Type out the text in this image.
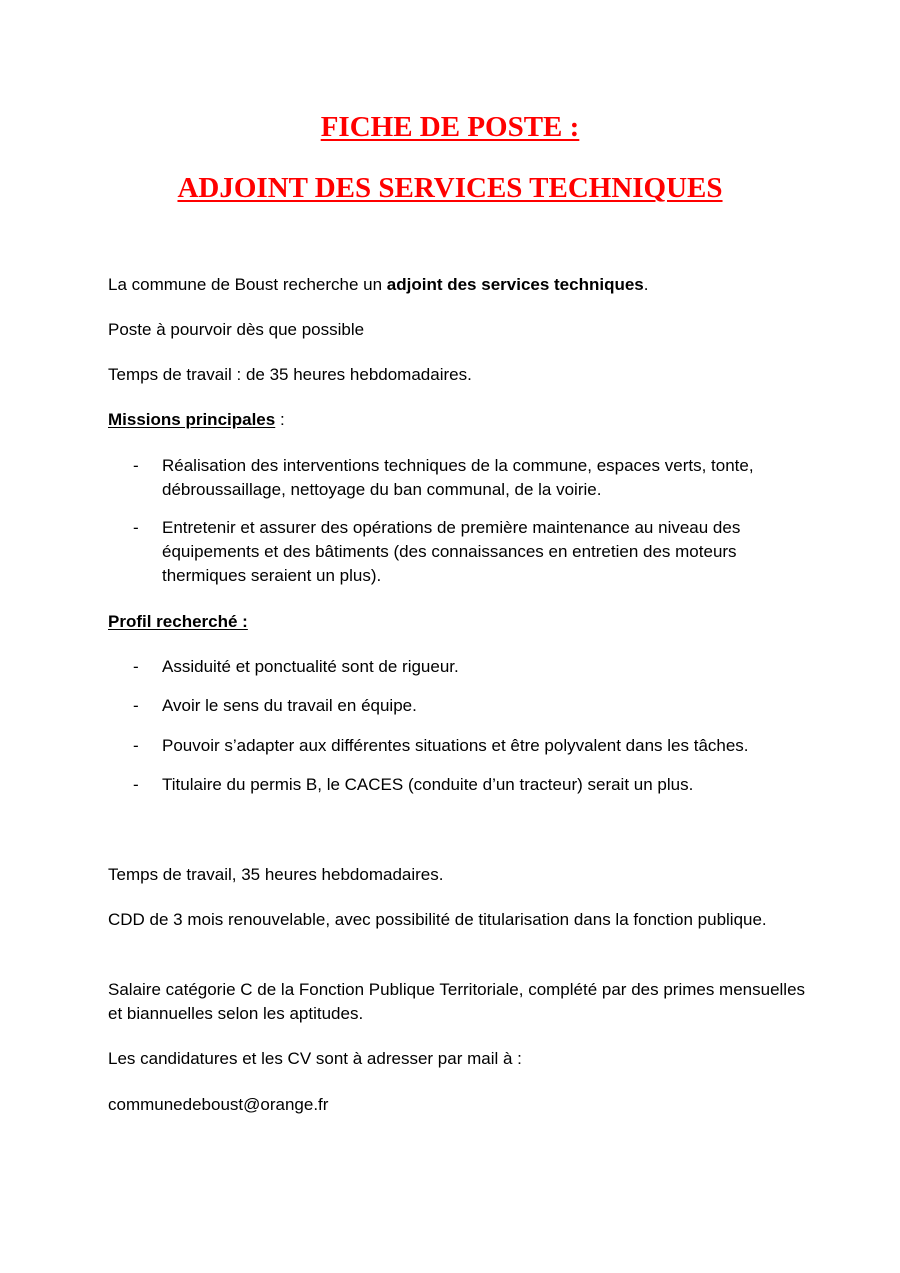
FICHE DE POSTE :
ADJOINT DES SERVICES TECHNIQUES

La commune de Boust recherche un adjoint des services techniques.

Poste à pourvoir dès que possible

Temps de travail : de 35 heures hebdomadaires.

Missions principales :

- Réalisation des interventions techniques de la commune, espaces verts, tonte, débroussaillage, nettoyage du ban communal, de la voirie.
- Entretenir et assurer des opérations de première maintenance au niveau des équipements et des bâtiments (des connaissances en entretien des moteurs thermiques seraient un plus).

Profil recherché :

- Assiduité et ponctualité sont de rigueur.
- Avoir le sens du travail en équipe.
- Pouvoir s’adapter aux différentes situations et être polyvalent dans les tâches.
- Titulaire du permis B, le CACES (conduite d’un tracteur) serait un plus.

Temps de travail, 35 heures hebdomadaires.

CDD de 3 mois renouvelable, avec possibilité de titularisation dans la fonction publique.

Salaire catégorie C de la Fonction Publique Territoriale, complété par des primes mensuelles et biannuelles selon les aptitudes.

Les candidatures et les CV sont à adresser par mail à :

communedeboust@orange.fr
